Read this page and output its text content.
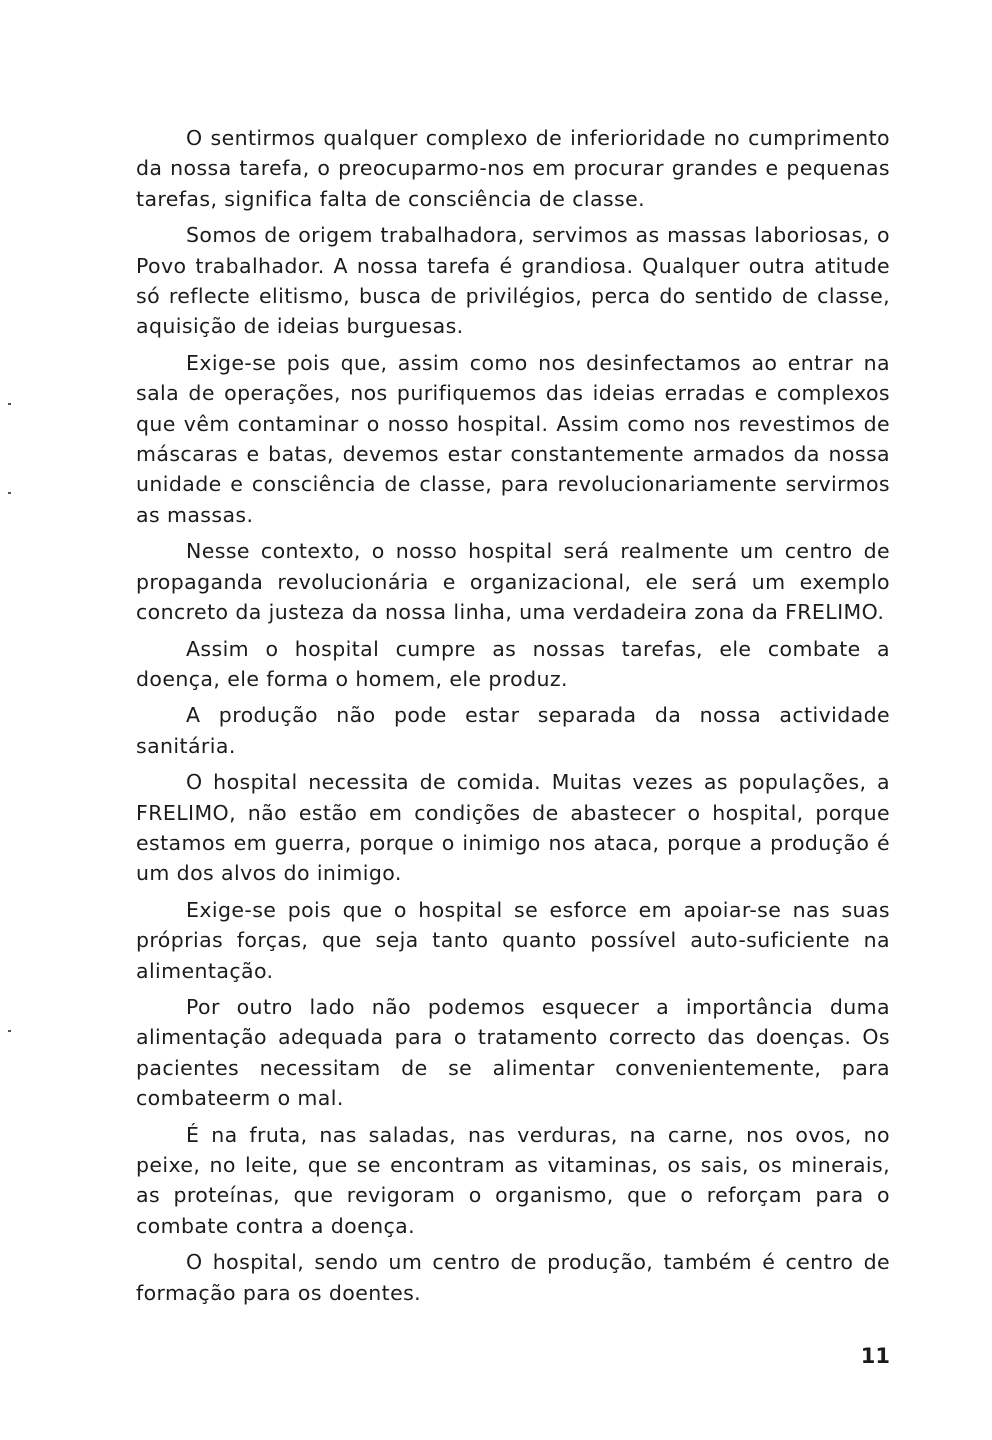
O sentirmos qualquer complexo de inferioridade no cumprimento da nossa tarefa, o preocuparmo-nos em procurar grandes e pequenas tarefas, significa falta de consciência de classe.

Somos de origem trabalhadora, servimos as massas laboriosas, o Povo trabalhador. A nossa tarefa é grandiosa. Qualquer outra atitude só reflecte elitismo, busca de privilégios, perca do sentido de classe, aquisição de ideias burguesas.

Exige-se pois que, assim como nos desinfectamos ao entrar na sala de operações, nos purifiquemos das ideias erradas e complexos que vêm contaminar o nosso hospital. Assim como nos revestimos de máscaras e batas, devemos estar constantemente armados da nossa unidade e consciência de classe, para revolucionariamente servirmos as massas.

Nesse contexto, o nosso hospital será realmente um centro de propaganda revolucionária e organizacional, ele será um exemplo concreto da justeza da nossa linha, uma verdadeira zona da FRELIMO.

Assim o hospital cumpre as nossas tarefas, ele combate a doença, ele forma o homem, ele produz.

A produção não pode estar separada da nossa actividade sanitária.

O hospital necessita de comida. Muitas vezes as populações, a FRELIMO, não estão em condições de abastecer o hospital, porque estamos em guerra, porque o inimigo nos ataca, porque a produção é um dos alvos do inimigo.

Exige-se pois que o hospital se esforce em apoiar-se nas suas próprias forças, que seja tanto quanto possível auto-suficiente na alimentação.

Por outro lado não podemos esquecer a importância duma alimentação adequada para o tratamento correcto das doenças. Os pacientes necessitam de se alimentar convenientemente, para combateerm o mal.

É na fruta, nas saladas, nas verduras, na carne, nos ovos, no peixe, no leite, que se encontram as vitaminas, os sais, os minerais, as proteínas, que revigoram o organismo, que o reforçam para o combate contra a doença.

O hospital, sendo um centro de produção, também é centro de formação para os doentes.

11
